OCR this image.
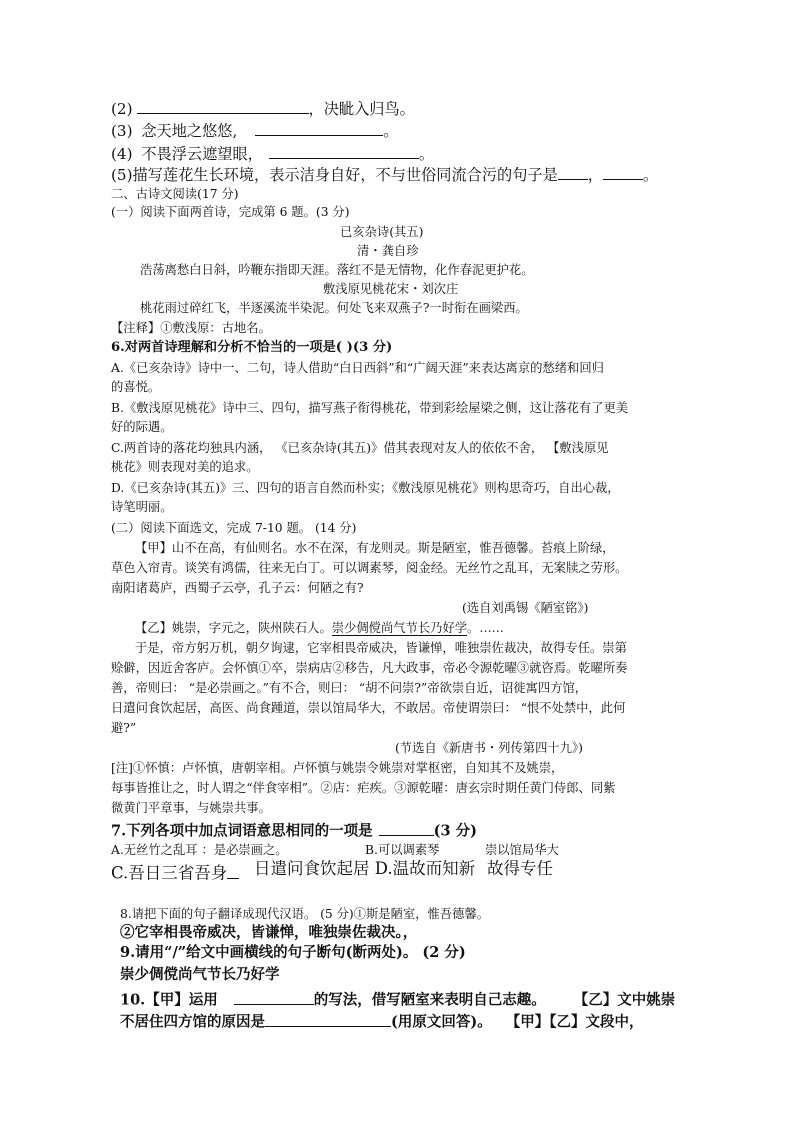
(2)	，决眦入归鸟。
(3) 念天地之悠悠,	。
(4) 不畏浮云遮望眼，	。
(5)描写莲花生长环境，表示洁身自好，不与世俗同流合污的句子是 ，	。
二、古诗文阅读(17 分)
(一）阅读下面两首诗，完成第 6 题。(3 分)
已亥杂诗(其五)
清・龚自珍
浩荡离愁白日斜，吟鞭东指即天涯。落红不是无情物，化作春泥更护花。
敷浅原见桃花宋・刘次庄
桃花雨过碎红飞，半逐溪流半染泥。何处飞来双燕子?一时衔在画梁西。
【注释】①敷浅原：古地名。
6.对两首诗理解和分析不恰当的一项是( )(3 分)
A.《已亥杂诗》诗中一、二句，诗人借助“白日西斜”和“广阔天涯”来表达离京的愁绪和回归
的喜悦。
B.《敷浅原见桃花》诗中三、四句，描写燕子衔得桃花，带到彩绘屋梁之侧，这让落花有了更美
好的际遇。
C.两首诗的落花均独具内涵， 《已亥杂诗(其五)》借其表现对友人的依依不舍， 【敷浅原见
桃花》则表现对美的追求。
D.《已亥杂诗(其五)》三、四句的语言自然而朴实；《敷浅原见桃花》则构思奇巧，自出心裁，
诗笔明丽。
(二）阅读下面选文，完成 7-10 题。 (14 分)
【甲】山不在高，有仙则名。水不在深，有龙则灵。斯是陋室，惟吾德馨。苔痕上阶绿，
草色入帘青。谈笑有鸿儒，往来无白丁。可以调素琴，阅金经。无丝竹之乱耳，无案牍之劳形。
南阳诸葛庐，西蜀子云亭，孔子云：何陋之有?
(选自刘禹锡《陋室铭》)
【乙】姚崇，字元之，陕州陕石人。崇少倜傥尚气节长乃好学。……
于是，帝方躬万机，朝夕询逮，它宰相畏帝威决，皆谦惮，唯独崇佐裁决，故得专任。崇第
赊僻，因近舍客庐。会怀慎①卒，崇病店②移告，凡大政事，帝必令源乾曜③就咨焉。乾曜所奏
善，帝则曰： “是必崇画之。”有不合，则曰： “胡不问崇?”帝欲崇自近，诏徙寓四方馆，
日遣问食饮起居，高医、尚食踵道，崇以馆局华大，不敢居。帝使谓崇曰： “恨不处禁中，此何
避?”
(节选自《新唐书・列传第四十九》)
[注]①怀慎：卢怀慎，唐朝宰相。卢怀慎与姚崇令姚崇对掌枢密，自知其不及姚崇，
每事皆推让之，时人谓之“伴食宰相”。②店：疟疾。③源乾曜：唐玄宗时期任黄门侍郎、同紫
微黄门平章事，与姚崇共事。
7.下列各项中加点词语意思相同的一项是	(3 分)
A.无丝竹之乱耳 ：是必崇画之。	B.可以调素琴	崇以馆局华大
C.吾日三省吾身	日遣问食饮起居 D.温故而知新 故得专任
8.请把下面的句子翻译成现代汉语。 (5 分)①斯是陋室，惟吾德馨。
②它宰相畏帝威决，皆谦惮，唯独崇佐裁决。，
9.请用“/”给文中画横线的句子断句(断两处)。 (2 分)
崇少倜傥尚气节长乃好学
10.【甲】运用	的写法，借写陋室来表明自己志趣。 【乙】文中姚崇
不居住四方馆的原因是	(用原文回答)。 【甲】【乙】文段中，
